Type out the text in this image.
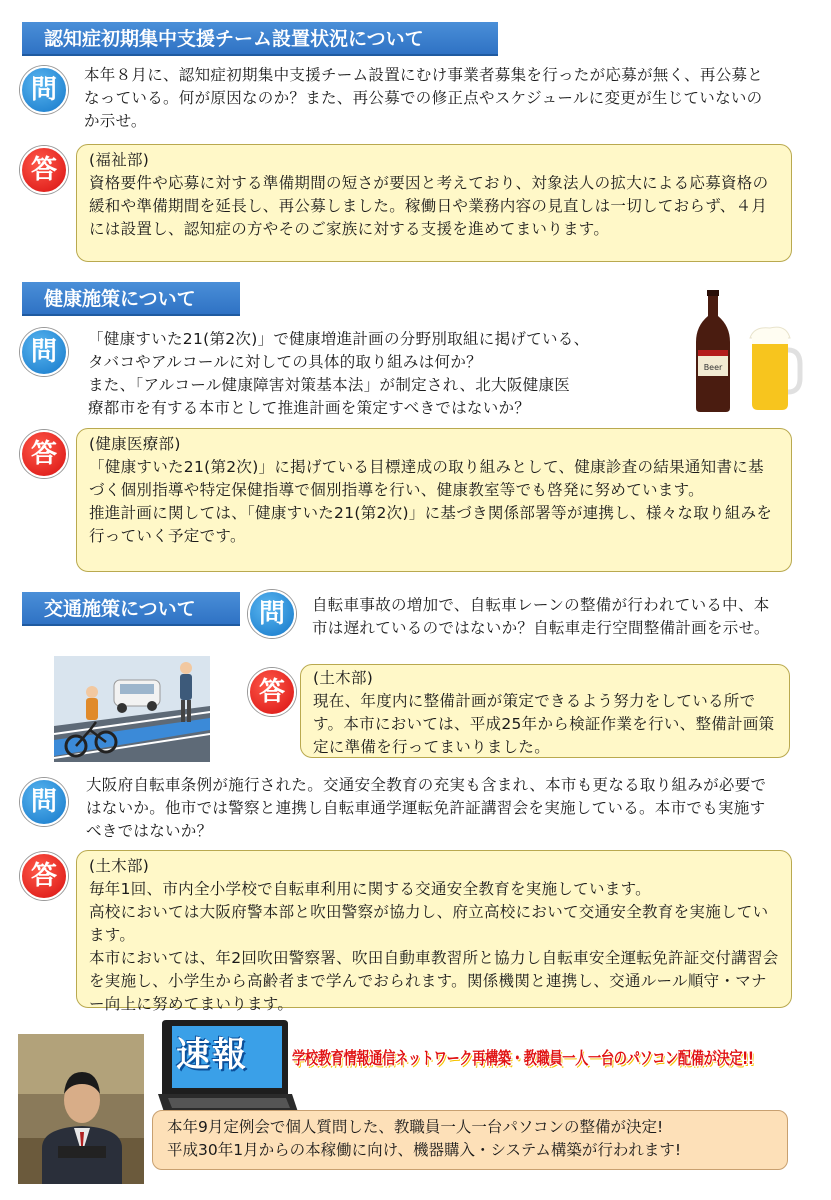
認知症初期集中支援チーム設置状況について
問	本年８月に、認知症初期集中支援チーム設置にむけ事業者募集を行ったが応募が無く、再公募となっている。何が原因なのか？また、再公募での修正点やスケジュールに変更が生じていないのか示せ。
答	(福祉部)
資格要件や応募に対する準備期間の短さが要因と考えており、対象法人の拡大による応募資格の緩和や準備期間を延長し、再公募しました。稼働日や業務内容の見直しは一切しておらず、４月には設置し、認知症の方やそのご家族に対する支援を進めてまいります。
健康施策について
問	「健康すいた21(第2次)」で健康増進計画の分野別取組に掲げている、
タバコやアルコールに対しての具体的取り組みは何か？
また、「アルコール健康障害対策基本法」が制定され、北大阪健康医
療都市を有する本市として推進計画を策定すべきではないか？
Beer
答	(健康医療部)
「健康すいた21(第2次)」に掲げている目標達成の取り組みとして、健康診査の結果通知書に基づく個別指導や特定保健指導で個別指導を行い、健康教室等でも啓発に努めています。
推進計画に関しては、「健康すいた21(第2次)」に基づき関係部署等が連携し、様々な取り組みを行っていく予定です。
交通施策について	問	自転車事故の増加で、自転車レーンの整備が行われている中、本市は遅れているのではないか？自転車走行空間整備計画を示せ。
答	(土木部)
現在、年度内に整備計画が策定できるよう努力をしている所です。本市においては、平成25年から検証作業を行い、整備計画策定に準備を行ってまいりました。
問
大阪府自転車条例が施行された。交通安全教育の充実も含まれ、本市も更なる取り組みが必要ではないか。他市では警察と連携し自転車通学運転免許証講習会を実施している。本市でも実施すべきではないか？
答	(土木部)
毎年1回、市内全小学校で自転車利用に関する交通安全教育を実施しています。
高校においては大阪府警本部と吹田警察が協力し、府立高校において交通安全教育を実施しています。
本市においては、年2回吹田警察署、吹田自動車教習所と協力し自転車安全運転免許証交付講習会を実施し、小学生から高齢者まで学んでおられます。関係機関と連携し、交通ルール順守・マナー向上に努めてまいります。
速報	学校教育情報通信ネットワーク再構築・教職員一人一台のパソコン配備が決定!!
本年9月定例会で個人質問した、教職員一人一台パソコンの整備が決定!
平成30年1月からの本稼働に向け、機器購入・システム構築が行われます!
